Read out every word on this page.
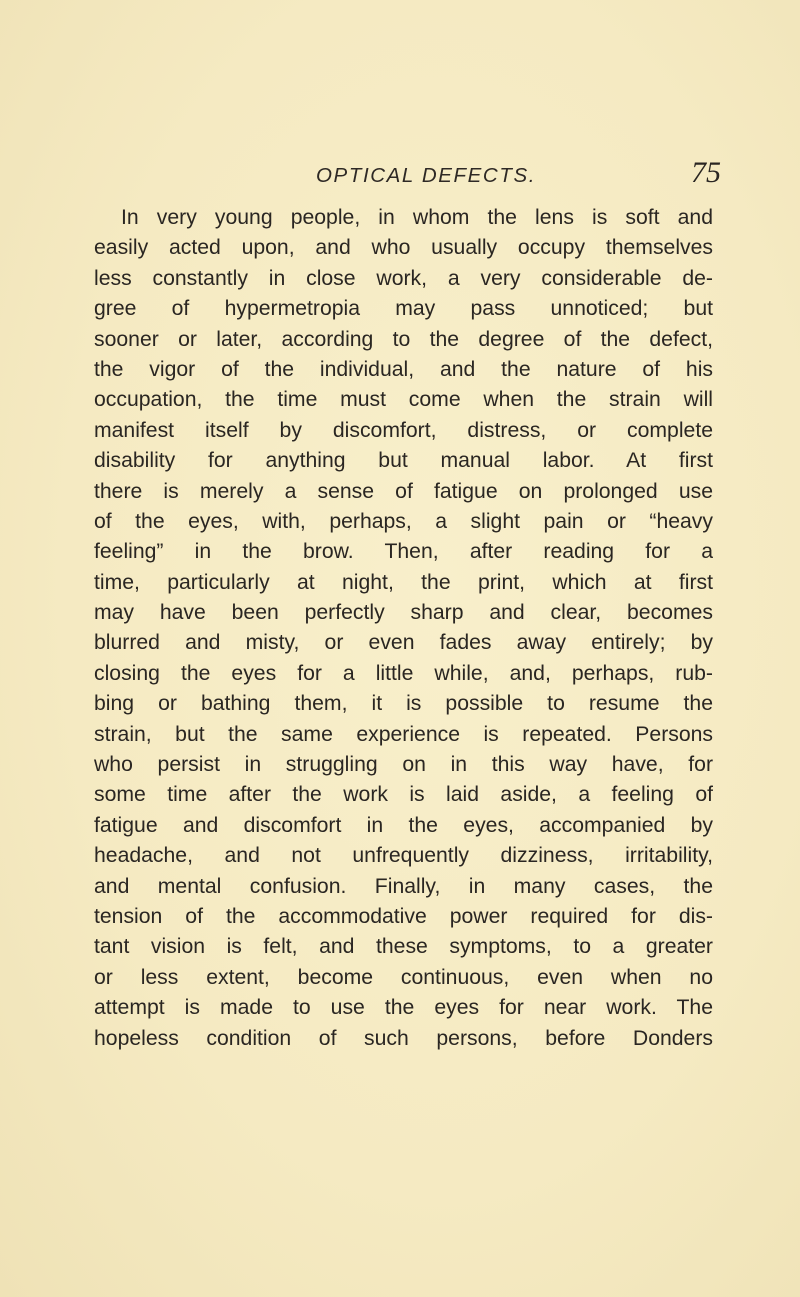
OPTICAL DEFECTS.	75
In very young people, in whom the lens is soft and
easily acted upon, and who usually occupy themselves
less constantly in close work, a very considerable de-
gree of hypermetropia may pass unnoticed; but
sooner or later, according to the degree of the defect,
the vigor of the individual, and the nature of his
occupation, the time must come when the strain will
manifest itself by discomfort, distress, or complete
disability for anything but manual labor. At first
there is merely a sense of fatigue on prolonged use
of the eyes, with, perhaps, a slight pain or “heavy
feeling” in the brow. Then, after reading for a
time, particularly at night, the print, which at first
may have been perfectly sharp and clear, becomes
blurred and misty, or even fades away entirely; by
closing the eyes for a little while, and, perhaps, rub-
bing or bathing them, it is possible to resume the
strain, but the same experience is repeated. Persons
who persist in struggling on in this way have, for
some time after the work is laid aside, a feeling of
fatigue and discomfort in the eyes, accompanied by
headache, and not unfrequently dizziness, irritability,
and mental confusion. Finally, in many cases, the
tension of the accommodative power required for dis-
tant vision is felt, and these symptoms, to a greater
or less extent, become continuous, even when no
attempt is made to use the eyes for near work. The
hopeless condition of such persons, before Donders
